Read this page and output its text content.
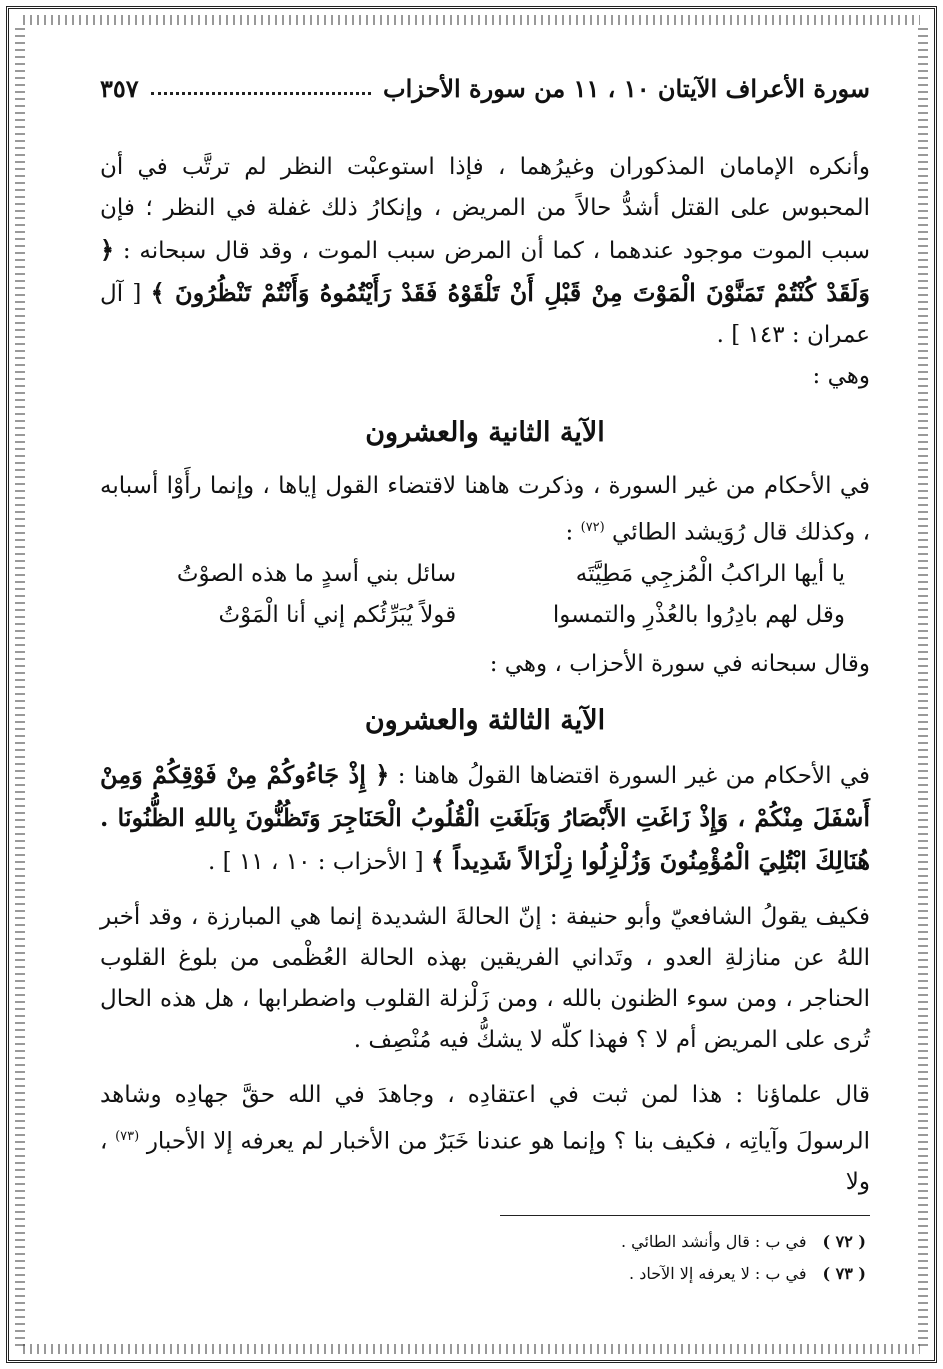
سورة الأعراف الآيتان ١٠ ، ١١ من سورة الأحزاب
٣٥٧

وأنكره الإمامان المذكوران وغيرُهما ، فإذا استوعبْت النظر لم ترتَّب في أن المحبوس على القتل أشدُّ حالاً من المريض ، وإنكارُ ذلك غفلة في النظر ؛ فإن سبب الموت موجود عندهما ، كما أن المرض سبب الموت ، وقد قال سبحانه : ﴿ وَلَقَدْ كُنْتُمْ تَمَنَّوْنَ الْمَوْتَ مِنْ قَبْلِ أَنْ تَلْقَوْهُ فَقَدْ رَأَيْتُمُوهُ وَأَنْتُمْ تَنْظُرُونَ ﴾ [ آل عمران : ١٤٣ ] .
وهي :

الآية الثانية والعشرون

في الأحكام من غير السورة ، وذكرت هاهنا لاقتضاء القول إياها ، وإنما رأَوْا أسبابه ، وكذلك قال رُوَيشد الطائي $^{(٧٢)}$ :

يا أيها الراكبُ الْمُزجِي مَطِيَّتَه
سائل بني أسدٍ ما هذه الصوْتُ
وقل لهم بادِرُوا بالعُذْرِ والتمسوا
قولاً يُبَرِّئُكم إني أنا الْمَوْتُ

وقال سبحانه في سورة الأحزاب ، وهي :

الآية الثالثة والعشرون

في الأحكام من غير السورة اقتضاها القولُ هاهنا : ﴿ إِذْ جَاءُوكُمْ مِنْ فَوْقِكُمْ وَمِنْ أَسْفَلَ مِنْكُمْ ، وَإِذْ زَاغَتِ الأَبْصَارُ وَبَلَغَتِ الْقُلُوبُ الْحَنَاجِرَ وَتَظُنُّونَ بِاللهِ الظُّنُونَا . هُنَالِكَ ابْتُلِيَ الْمُؤْمِنُونَ وَزُلْزِلُوا زِلْزَالاً شَدِيداً ﴾ [ الأحزاب : ١٠ ، ١١ ] .

فكيف يقولُ الشافعيّ وأبو حنيفة : إنّ الحالةَ الشديدة إنما هي المبارزة ، وقد أخبر اللهُ عن منازلةِ العدو ، وتَداني الفريقين بهذه الحالة العُظْمى من بلوغ القلوب الحناجر ، ومن سوء الظنون بالله ، ومن زَلْزلة القلوب واضطرابها ، هل هذه الحال تُرى على المريض أم لا ؟ فهذا كلّه لا يشكُّ فيه مُنْصِف .

قال علماؤنا : هذا لمن ثبت في اعتقادِه ، وجاهدَ في الله حقَّ جهادِه وشاهد الرسولَ وآياتِه ، فكيف بنا ؟ وإنما هو عندنا خَبَرٌ من الأخبار لم يعرفه إلا الأحبار $^{(٧٣)}$ ، ولا

( ٧٢ )
في ب : قال وأنشد الطائي .
( ٧٣ )
في ب : لا يعرفه إلا الآحاد .
